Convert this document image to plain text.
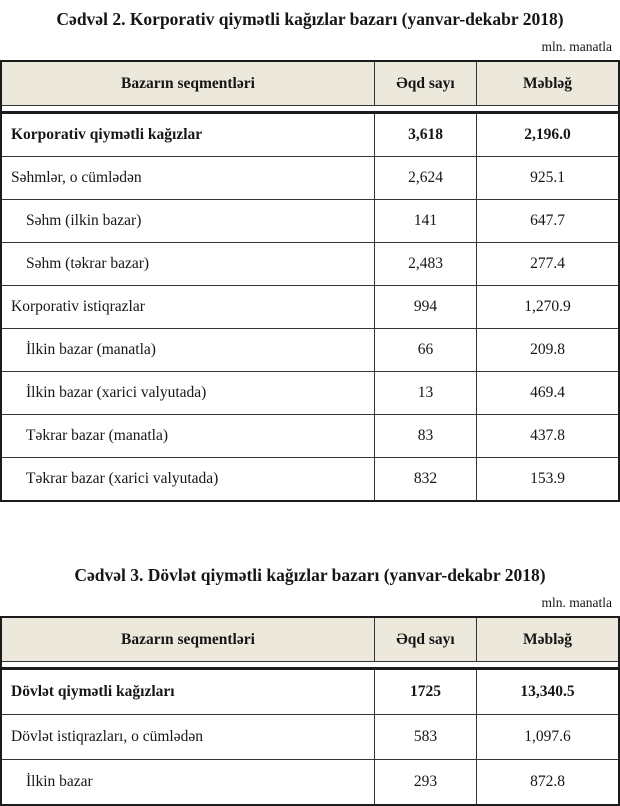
Cədvəl 2. Korporativ qiymətli kağızlar bazarı (yanvar-dekabr 2018)
mln. manatla
Bazarın seqmentləri	Əqd sayı	Məbləğ
Korporativ qiymətli kağızlar	3,618	2,196.0
Səhmlər, o cümlədən	2,624	925.1
Səhm (ilkin bazar)	141	647.7
Səhm (təkrar bazar)	2,483	277.4
Korporativ istiqrazlar	994	1,270.9
İlkin bazar (manatla)	66	209.8
İlkin bazar (xarici valyutada)	13	469.4
Təkrar bazar (manatla)	83	437.8
Təkrar bazar (xarici valyutada)	832	153.9
Cədvəl 3. Dövlət qiymətli kağızlar bazarı (yanvar-dekabr 2018)
mln. manatla
Bazarın seqmentləri	Əqd sayı	Məbləğ
Dövlət qiymətli kağızları	1725	13,340.5
Dövlət istiqrazları, o cümlədən	583	1,097.6
İlkin bazar	293	872.8
